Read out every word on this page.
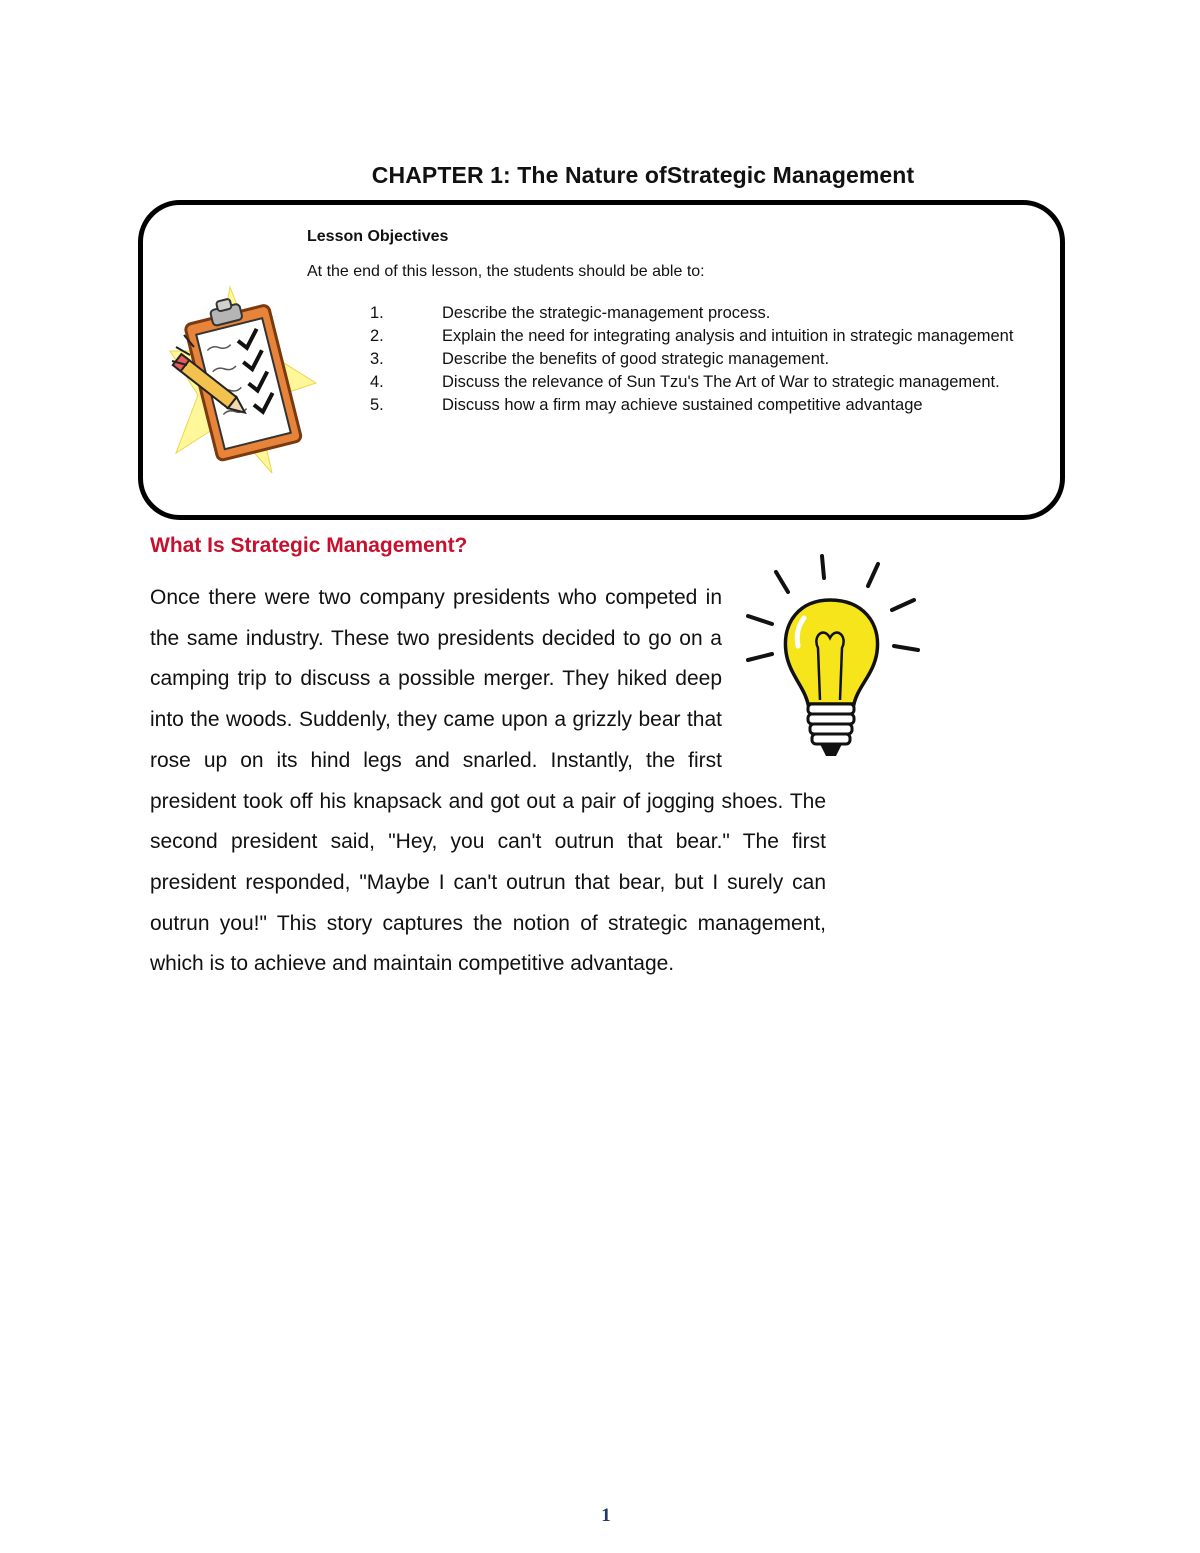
CHAPTER 1: The Nature ofStrategic Management
Lesson Objectives

At the end of this lesson, the students should be able to:

1.	Describe the strategic-management process.
2.	Explain the need for integrating analysis and intuition in strategic management
3.	Describe the benefits of good strategic management.
4.	Discuss the relevance of Sun Tzu's The Art of War to strategic management.
5.	Discuss how a firm may achieve sustained competitive advantage
What Is Strategic Management?

Once there were two company presidents who competed in the same industry. These two presidents decided to go on a camping trip to discuss a possible merger. They hiked deep into the woods. Suddenly, they came upon a grizzly bear that rose up on its hind legs and snarled. Instantly, the first president took off his knapsack and got out a pair of jogging shoes. The second president said, "Hey, you can't outrun that bear." The first president responded, "Maybe I can't outrun that bear, but I surely can outrun you!" This story captures the notion of strategic management, which is to achieve and maintain competitive advantage.

1
